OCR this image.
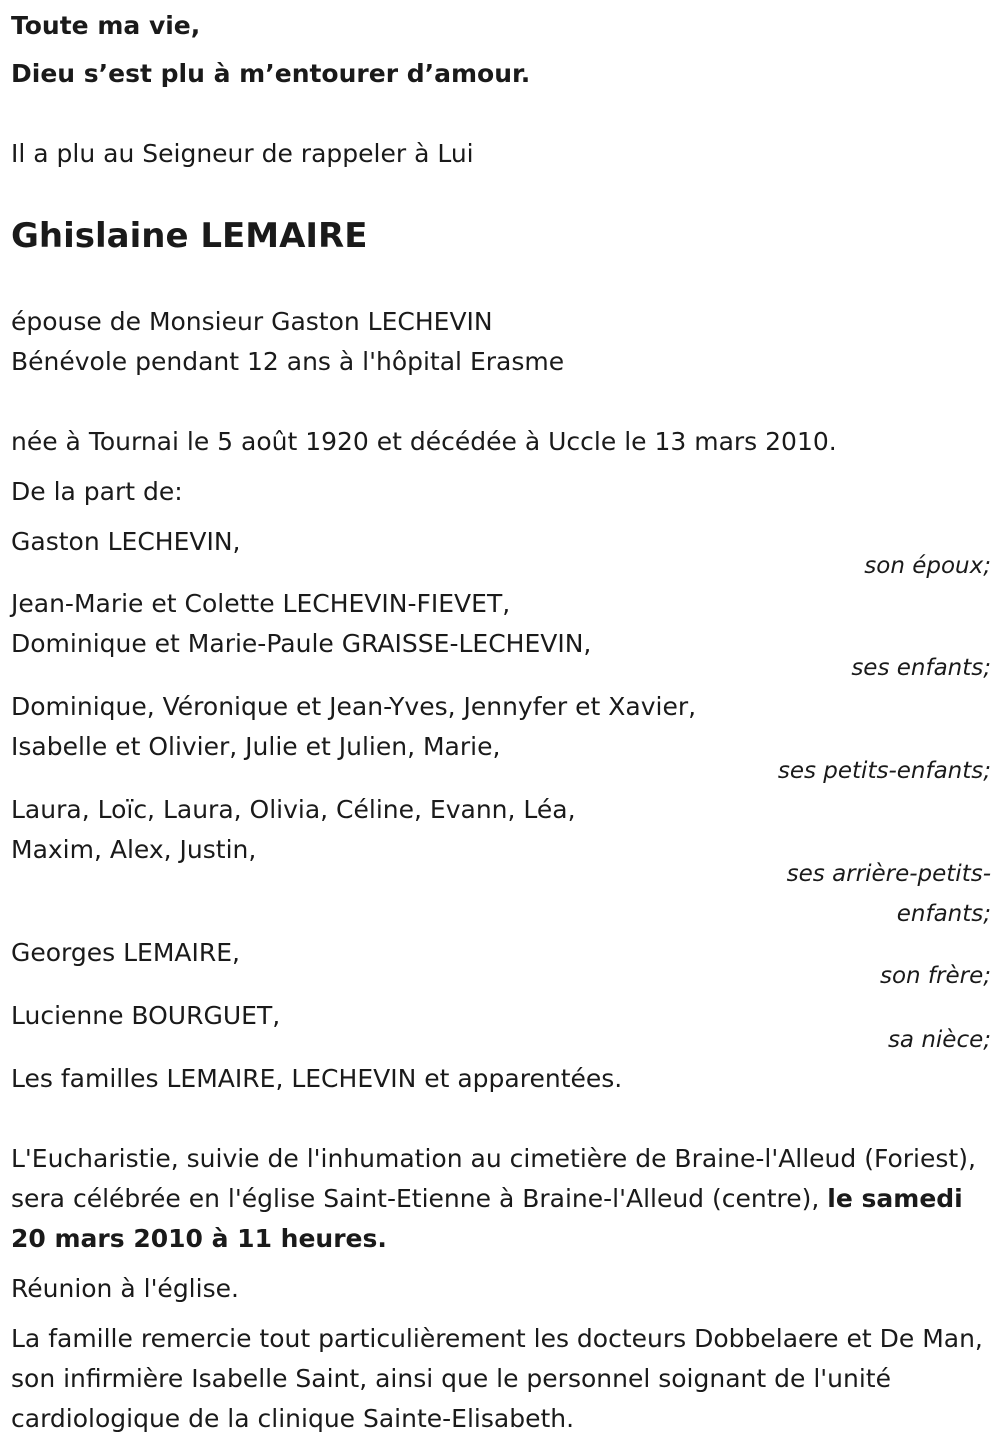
Toute ma vie,
Dieu s’est plu à m’entourer d’amour.
Il a plu au Seigneur de rappeler à Lui
Ghislaine LEMAIRE
épouse de Monsieur Gaston LECHEVIN
Bénévole pendant 12 ans à l'hôpital Erasme
née à Tournai le 5 août 1920 et décédée à Uccle le 13 mars 2010.
De la part de:
Gaston LECHEVIN,
son époux;
Jean-Marie et Colette LECHEVIN-FIEVET,
Dominique et Marie-Paule GRAISSE-LECHEVIN,
ses enfants;
Dominique, Véronique et Jean-Yves, Jennyfer et Xavier,
Isabelle et Olivier, Julie et Julien, Marie,
ses petits-enfants;
Laura, Loïc, Laura, Olivia, Céline, Evann, Léa,
Maxim, Alex, Justin,
ses arrière-petits-
enfants;
Georges LEMAIRE,
son frère;
Lucienne BOURGUET,
sa nièce;
Les familles LEMAIRE, LECHEVIN et apparentées.
L'Eucharistie, suivie de l'inhumation au cimetière de Braine-l'Alleud (Foriest), sera célébrée en l'église Saint-Etienne à Braine-l'Alleud (centre), le samedi 20 mars 2010 à 11 heures.
Réunion à l'église.
La famille remercie tout particulièrement les docteurs Dobbelaere et De Man, son infirmière Isabelle Saint, ainsi que le personnel soignant de l'unité cardiologique de la clinique Sainte-Elisabeth.
